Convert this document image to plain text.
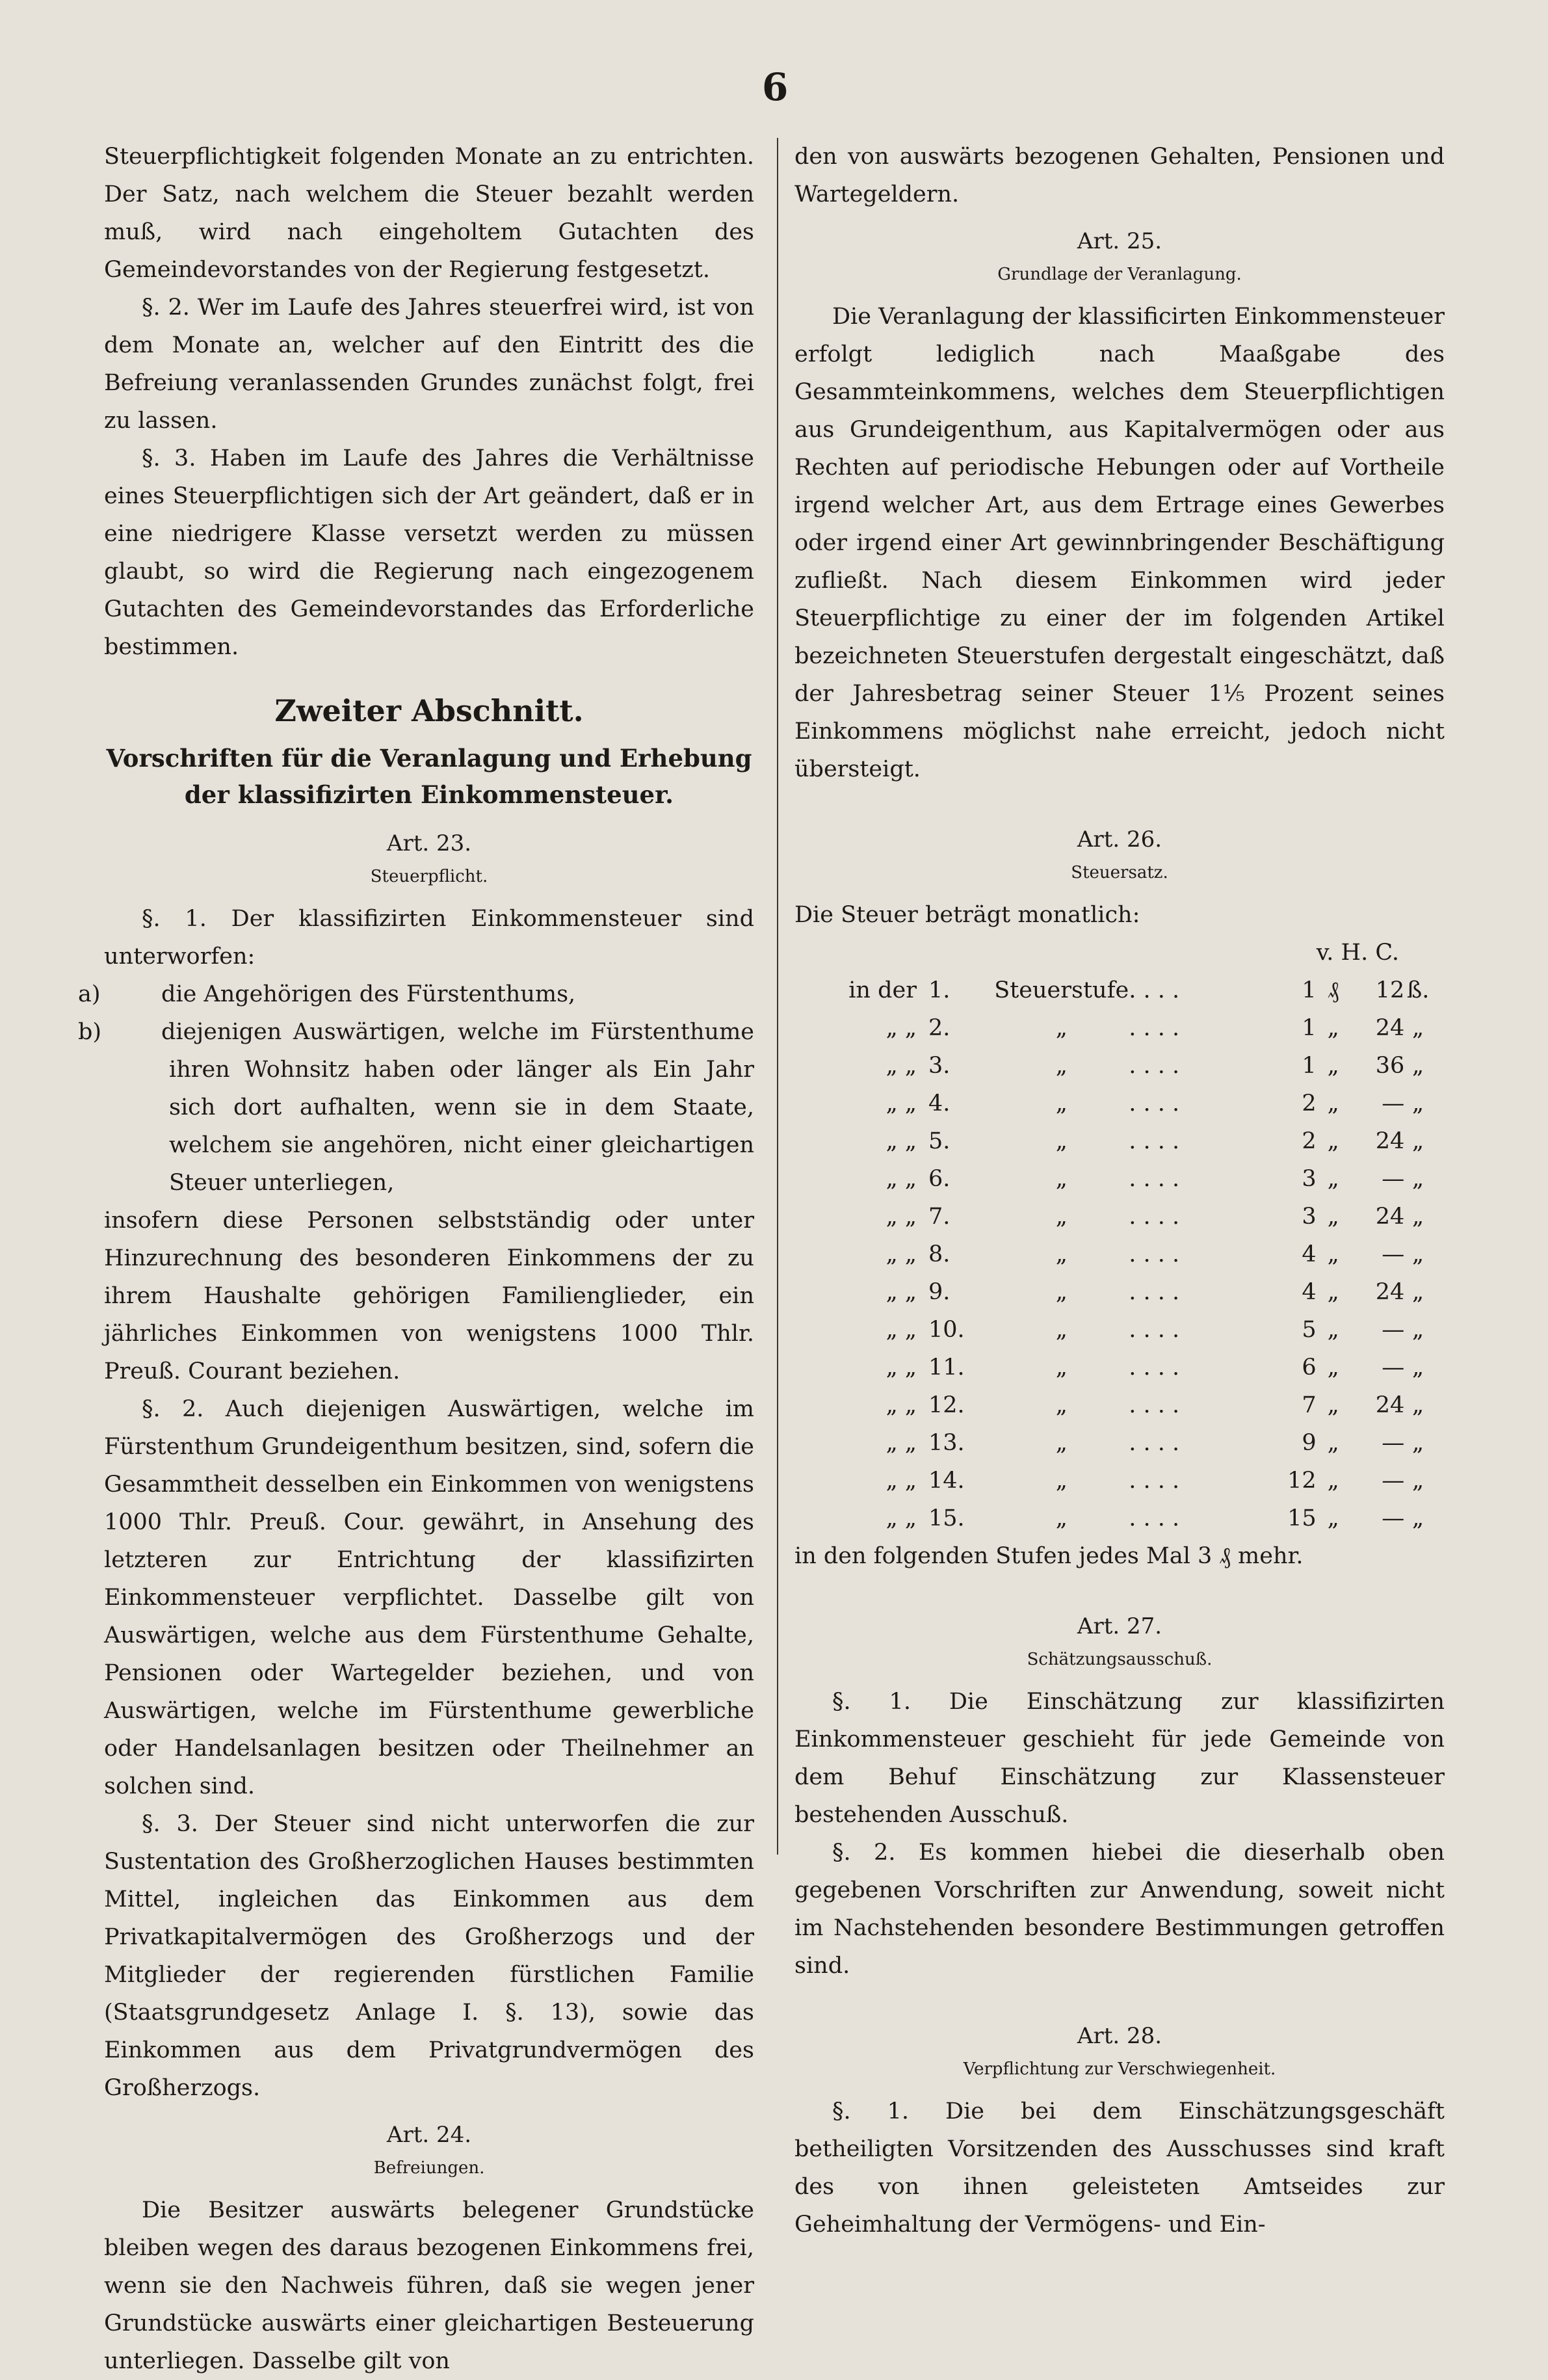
6

Steuerpflichtigkeit folgenden Monate an zu entrichten. Der Satz, nach welchem die Steuer bezahlt werden muß, wird nach eingeholtem Gutachten des Gemeindevorstandes von der Regierung festgesetzt.

§. 2. Wer im Laufe des Jahres steuerfrei wird, ist von dem Monate an, welcher auf den Eintritt des die Befreiung veranlassenden Grundes zunächst folgt, frei zu lassen.

§. 3. Haben im Laufe des Jahres die Verhältnisse eines Steuerpflichtigen sich der Art geändert, daß er in eine niedrigere Klasse versetzt werden zu müssen glaubt, so wird die Regierung nach eingezogenem Gutachten des Gemeindevorstandes das Erforderliche bestimmen.

Zweiter Abschnitt.
Vorschriften für die Veranlagung und Erhebung der klassifizirten Einkommensteuer.
Art. 23.
Steuerpflicht.

§. 1. Der klassifizirten Einkommensteuer sind unterworfen:

a)	die Angehörigen des Fürstenthums,
b)	diejenigen Auswärtigen, welche im Fürstenthume ihren Wohnsitz haben oder länger als Ein Jahr sich dort aufhalten, wenn sie in dem Staate, welchem sie angehören, nicht einer gleichartigen Steuer unterliegen,

insofern diese Personen selbstständig oder unter Hinzurechnung des besonderen Einkommens der zu ihrem Haushalte gehörigen Familienglieder, ein jährliches Einkommen von wenigstens 1000 Thlr. Preuß. Courant beziehen.

§. 2. Auch diejenigen Auswärtigen, welche im Fürstenthum Grundeigenthum besitzen, sind, sofern die Gesammtheit desselben ein Einkommen von wenigstens 1000 Thlr. Preuß. Cour. gewährt, in Ansehung des letzteren zur Entrichtung der klassifizirten Einkommensteuer verpflichtet. Dasselbe gilt von Auswärtigen, welche aus dem Fürstenthume Gehalte, Pensionen oder Wartegelder beziehen, und von Auswärtigen, welche im Fürstenthume gewerbliche oder Handelsanlagen besitzen oder Theilnehmer an solchen sind.

§. 3. Der Steuer sind nicht unterworfen die zur Sustentation des Großherzoglichen Hauses bestimmten Mittel, ingleichen das Einkommen aus dem Privatkapitalvermögen des Großherzogs und der Mitglieder der regierenden fürstlichen Familie (Staatsgrundgesetz Anlage I. §. 13), sowie das Einkommen aus dem Privatgrundvermögen des Großherzogs.

Art. 24.
Befreiungen.

Die Besitzer auswärts belegener Grundstücke bleiben wegen des daraus bezogenen Einkommens frei, wenn sie den Nachweis führen, daß sie wegen jener Grundstücke auswärts einer gleichartigen Besteuerung unterliegen. Dasselbe gilt von

den von auswärts bezogenen Gehalten, Pensionen und Wartegeldern.

Art. 25.
Grundlage der Veranlagung.

Die Veranlagung der klassificirten Einkommensteuer erfolgt lediglich nach Maaßgabe des Gesammteinkommens, welches dem Steuerpflichtigen aus Grundeigenthum, aus Kapitalvermögen oder aus Rechten auf periodische Hebungen oder auf Vortheile irgend welcher Art, aus dem Ertrage eines Gewerbes oder irgend einer Art gewinnbringender Beschäftigung zufließt. Nach diesem Einkommen wird jeder Steuerpflichtige zu einer der im folgenden Artikel bezeichneten Steuerstufen dergestalt eingeschätzt, daß der Jahresbetrag seiner Steuer 1⅕ Prozent seines Einkommens möglichst nahe erreicht, jedoch nicht übersteigt.

Art. 26.
Steuersatz.

Die Steuer beträgt monatlich:

					v. H. C.		
in der	1.	Steuerstufe	. . . .	1	₰	12	ß.
„ „	2.	„	. . . .	1	„	24	„
„ „	3.	„	. . . .	1	„	36	„
„ „	4.	„	. . . .	2	„	—	„
„ „	5.	„	. . . .	2	„	24	„
„ „	6.	„	. . . .	3	„	—	„
„ „	7.	„	. . . .	3	„	24	„
„ „	8.	„	. . . .	4	„	—	„
„ „	9.	„	. . . .	4	„	24	„
„ „	10.	„	. . . .	5	„	—	„
„ „	11.	„	. . . .	6	„	—	„
„ „	12.	„	. . . .	7	„	24	„
„ „	13.	„	. . . .	9	„	—	„
„ „	14.	„	. . . .	12	„	—	„
„ „	15.	„	. . . .	15	„	—	„

in den folgenden Stufen jedes Mal 3 ₰ mehr.

Art. 27.
Schätzungsausschuß.

§. 1. Die Einschätzung zur klassifizirten Einkommensteuer geschieht für jede Gemeinde von dem Behuf Einschätzung zur Klassensteuer bestehenden Ausschuß.

§. 2. Es kommen hiebei die dieserhalb oben gegebenen Vorschriften zur Anwendung, soweit nicht im Nachstehenden besondere Bestimmungen getroffen sind.

Art. 28.
Verpflichtung zur Verschwiegenheit.

§. 1. Die bei dem Einschätzungsgeschäft betheiligten Vorsitzenden des Ausschusses sind kraft des von ihnen geleisteten Amtseides zur Geheimhaltung der Vermögens- und Ein-
